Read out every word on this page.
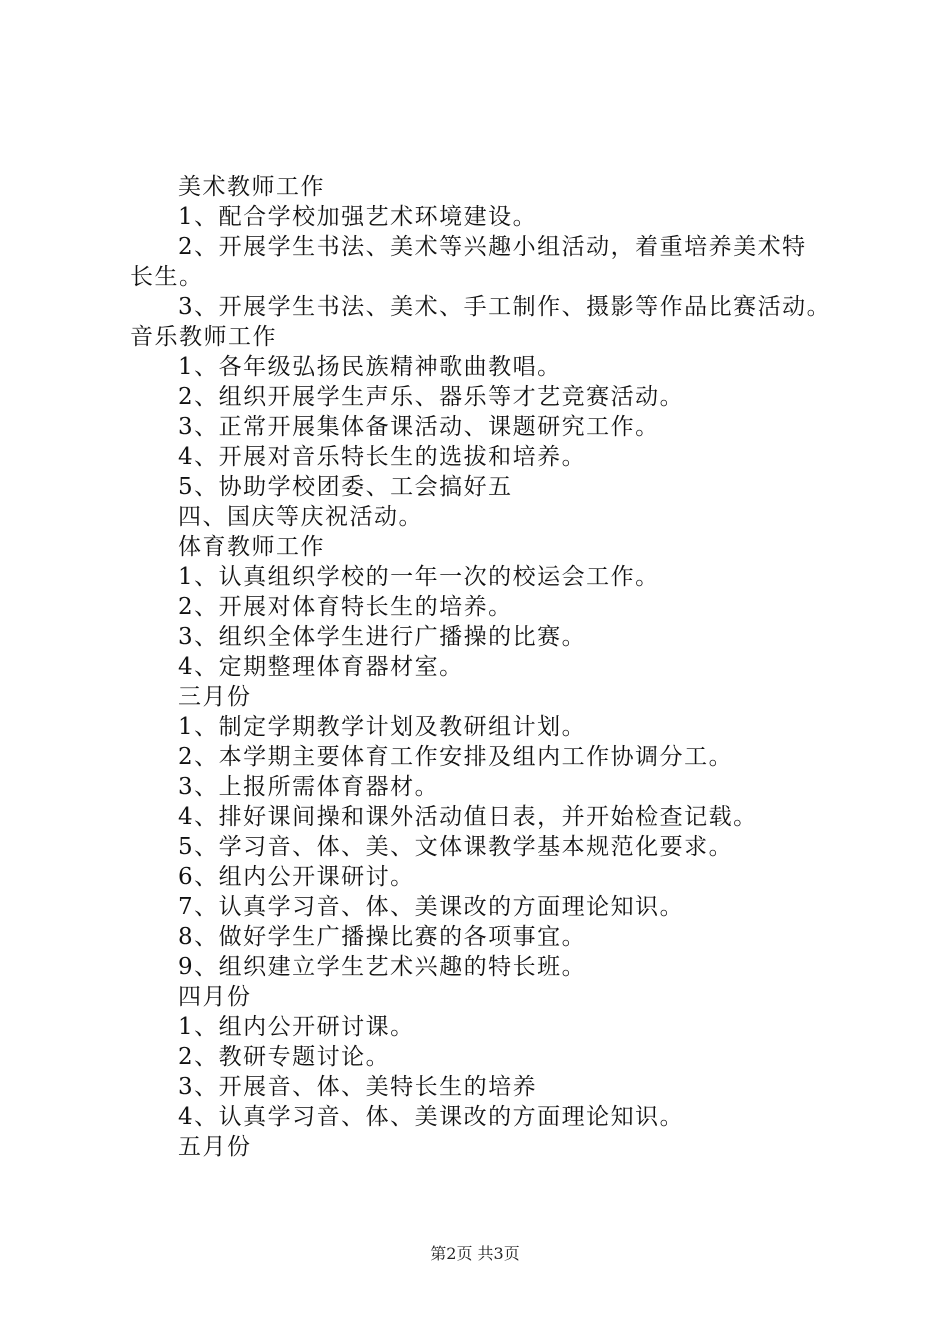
美术教师工作
1、配合学校加强艺术环境建设。
2、开展学生书法、美术等兴趣小组活动，着重培养美术特
长生。
3、开展学生书法、美术、手工制作、摄影等作品比赛活动。
音乐教师工作
1、各年级弘扬民族精神歌曲教唱。
2、组织开展学生声乐、器乐等才艺竞赛活动。
3、正常开展集体备课活动、课题研究工作。
4、开展对音乐特长生的选拔和培养。
5、协助学校团委、工会搞好五
四、国庆等庆祝活动。
体育教师工作
1、认真组织学校的一年一次的校运会工作。
2、开展对体育特长生的培养。
3、组织全体学生进行广播操的比赛。
4、定期整理体育器材室。
三月份
1、制定学期教学计划及教研组计划。
2、本学期主要体育工作安排及组内工作协调分工。
3、上报所需体育器材。
4、排好课间操和课外活动值日表，并开始检查记载。
5、学习音、体、美、文体课教学基本规范化要求。
6、组内公开课研讨。
7、认真学习音、体、美课改的方面理论知识。
8、做好学生广播操比赛的各项事宜。
9、组织建立学生艺术兴趣的特长班。
四月份
1、组内公开研讨课。
2、教研专题讨论。
3、开展音、体、美特长生的培养
4、认真学习音、体、美课改的方面理论知识。
五月份
第2页 共3页
